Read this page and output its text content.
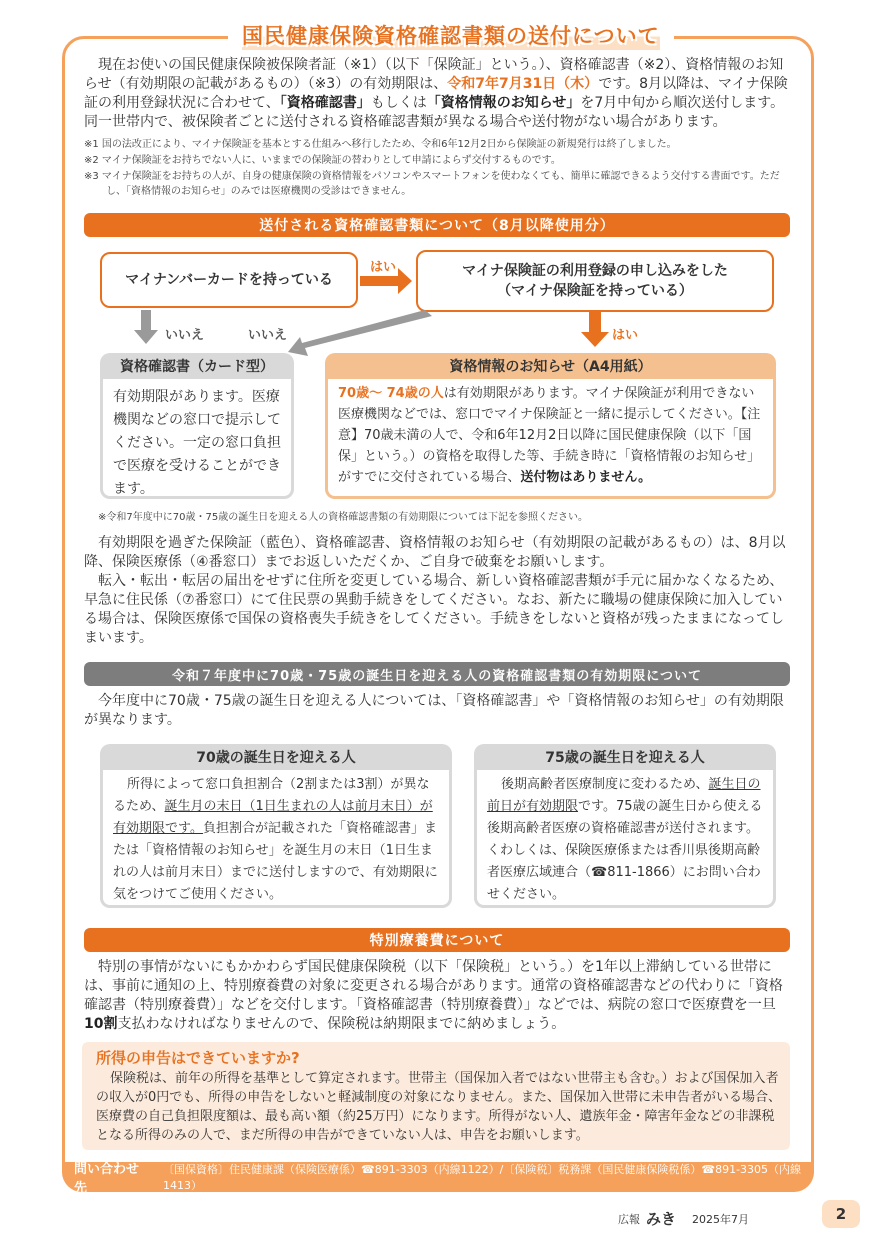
国民健康保険資格確認書類の送付について
現在お使いの国民健康保険被保険者証（※1）（以下「保険証」という。）、資格確認書（※2）、資格情報のお知らせ（有効期限の記載があるもの）（※3）の有効期限は、令和7年7月31日（木）です。8月以降は、マイナ保険証の利用登録状況に合わせて、「資格確認書」もしくは「資格情報のお知らせ」を7月中旬から順次送付します。同一世帯内で、被保険者ごとに送付される資格確認書類が異なる場合や送付物がない場合があります。
※1 国の法改正により、マイナ保険証を基本とする仕組みへ移行したため、令和6年12月2日から保険証の新規発行は終了しました。
※2 マイナ保険証をお持ちでない人に、いままでの保険証の替わりとして申請によらず交付するものです。
※3 マイナ保険証をお持ちの人が、自身の健康保険の資格情報をパソコンやスマートフォンを使わなくても、簡単に確認できるよう交付する書面です。ただし、「資格情報のお知らせ」のみでは医療機関の受診はできません。
送付される資格確認書類について（8月以降使用分）
マイナンバーカードを持っている
マイナ保険証の利用登録の申し込みをした
（マイナ保険証を持っている）
はい
いいえ	いいえ	はい
資格確認書（カード型）
有効期限があります。医療機関などの窓口で提示してください。一定の窓口負担で医療を受けることができます。
資格情報のお知らせ（A4用紙）
70歳～ 74歳の人は有効期限があります。マイナ保険証が利用できない医療機関などでは、窓口でマイナ保険証と一緒に提示してください。【注意】70歳未満の人で、令和6年12月2日以降に国民健康保険（以下「国保」という。）の資格を取得した等、手続き時に「資格情報のお知らせ」がすでに交付されている場合、送付物はありません。
※令和7年度中に70歳・75歳の誕生日を迎える人の資格確認書類の有効期限については下記を参照ください。
有効期限を過ぎた保険証（藍色）、資格確認書、資格情報のお知らせ（有効期限の記載があるもの）は、8月以降、保険医療係（④番窓口）までお返しいただくか、ご自身で破棄をお願いします。
転入・転出・転居の届出をせずに住所を変更している場合、新しい資格確認書類が手元に届かなくなるため、早急に住民係（⑦番窓口）にて住民票の異動手続きをしてください。なお、新たに職場の健康保険に加入している場合は、保険医療係で国保の資格喪失手続きをしてください。手続きをしないと資格が残ったままになってしまいます。
令和７年度中に70歳・75歳の誕生日を迎える人の資格確認書類の有効期限について
今年度中に70歳・75歳の誕生日を迎える人については、「資格確認書」や「資格情報のお知らせ」の有効期限が異なります。
70歳の誕生日を迎える人
所得によって窓口負担割合（2割または3割）が異なるため、誕生月の末日（1日生まれの人は前月末日）が有効期限です。負担割合が記載された「資格確認書」または「資格情報のお知らせ」を誕生月の末日（1日生まれの人は前月末日）までに送付しますので、有効期限に気をつけてご使用ください。
75歳の誕生日を迎える人
後期高齢者医療制度に変わるため、誕生日の前日が有効期限です。75歳の誕生日から使える後期高齢者医療の資格確認書が送付されます。くわしくは、保険医療係または香川県後期高齢者医療広域連合（☎811-1866）にお問い合わせください。
特別療養費について
特別の事情がないにもかかわらず国民健康保険税（以下「保険税」という。）を1年以上滞納している世帯には、事前に通知の上、特別療養費の対象に変更される場合があります。通常の資格確認書などの代わりに「資格確認書（特別療養費）」などを交付します。「資格確認書（特別療養費）」などでは、病院の窓口で医療費を一旦10割支払わなければなりませんので、保険税は納期限までに納めましょう。
所得の申告はできていますか?
保険税は、前年の所得を基準として算定されます。世帯主（国保加入者ではない世帯主も含む。）および国保加入者の収入が0円でも、所得の申告をしないと軽減制度の対象になりません。また、国保加入世帯に未申告者がいる場合、医療費の自己負担限度額は、最も高い額（約25万円）になります。所得がない人、遺族年金・障害年金などの非課税となる所得のみの人で、まだ所得の申告ができていない人は、申告をお願いします。
問い合わせ先
〔国保資格〕住民健康課（保険医療係）☎891-3303（内線1122）/〔保険税〕税務課（国民健康保険税係）☎891-3305（内線1413）
広報 みき 2025年7月	2
